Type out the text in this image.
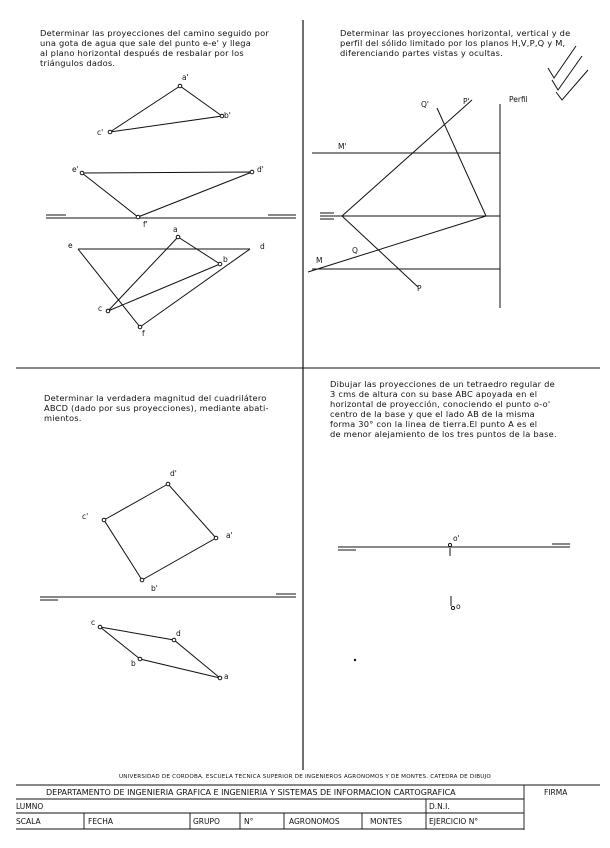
Determinar las proyecciones del camino seguido por
una gota de agua que sale del punto e-e' y llega
al plano horizontal después de resbalar por los
triángulos dados.
Determinar las proyecciones horizontal, vertical y de
perfil del sólido limitado por los planos H,V,P,Q y M,
diferenciando partes vistas y ocultas.
Determinar la verdadera magnitud del cuadrilátero
ABCD (dado por sus proyecciones), mediante abati-
mientos.
Dibujar las proyecciones de un tetraedro regular de
3 cms de altura con su base ABC apoyada en el
horizontal de proyección, conociendo el punto o-o'
centro de la base y que el lado AB de la misma
forma 30° con la linea de tierra.El punto A es el
de menor alejamiento de los tres puntos de la base.
a'
b'
c'
e'	d'
f'
a
b
c
d
e
f
Perfil
Q'	P'
M'
M
Q
P
d'
c'
a'
b'
c
d
b
a
o'
o
UNIVERSIDAD DE CORDOBA. ESCUELA TECNICA SUPERIOR DE INGENIEROS AGRONOMOS Y DE MONTES. CATEDRA DE DIBUJO
DEPARTAMENTO DE INGENIERIA GRAFICA E INGENIERIA Y SISTEMAS DE INFORMACION CARTOGRAFICA	FIRMA
LUMNO	D.N.I.
SCALA	FECHA	GRUPO	N°	AGRONOMOS	MONTES	EJERCICIO N°
